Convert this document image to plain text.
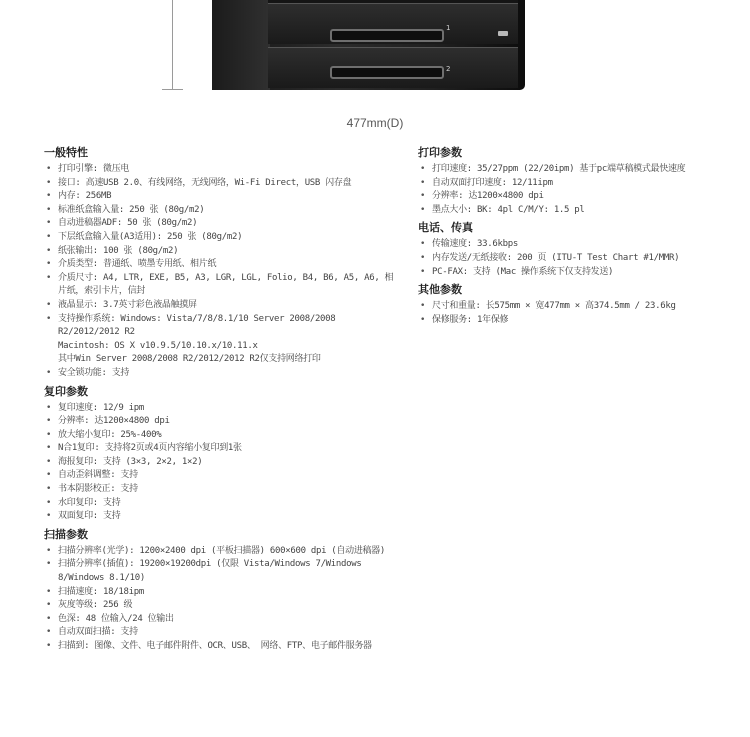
1
2
477mm(D)
一般特性
• 打印引擎: 微压电
• 接口: 高速USB 2.0、有线网络，无线网络，Wi-Fi Direct，USB 闪存盘
• 内存: 256MB
• 标准纸盒输入量: 250 张 (80g/m2)
• 自动进稿器ADF: 50 张 (80g/m2)
• 下层纸盒输入量(A3适用): 250 张 (80g/m2)
• 纸张输出: 100 张 (80g/m2)
• 介质类型: 普通纸、喷墨专用纸、相片纸
• 介质尺寸: A4, LTR, EXE, B5, A3, LGR, LGL, Folio, B4, B6, A5, A6, 相片纸，索引卡片，信封
• 液晶显示: 3.7英寸彩色液晶触摸屏
• 支持操作系统: Windows: Vista/7/8/8.1/10 Server 2008/2008 R2/2012/2012 R2
Macintosh: OS X v10.9.5/10.10.x/10.11.x
其中Win Server 2008/2008 R2/2012/2012 R2仅支持网络打印
• 安全锁功能: 支持
复印参数
• 复印速度: 12/9 ipm
• 分辨率: 达1200×4800 dpi
• 放大缩小复印: 25%-400%
• N合1复印: 支持将2页或4页内容缩小复印到1张
• 海报复印: 支持 (3×3, 2×2, 1×2)
• 自动歪斜调整: 支持
• 书本阴影校正: 支持
• 水印复印: 支持
• 双面复印: 支持
扫描参数
• 扫描分辨率(光学): 1200×2400 dpi (平板扫描器) 600×600 dpi (自动进稿器)
• 扫描分辨率(插值): 19200×19200dpi (仅限 Vista/Windows 7/Windows 8/Windows 8.1/10)
• 扫描速度: 18/18ipm
• 灰度等级: 256 级
• 色深: 48 位输入/24 位输出
• 自动双面扫描: 支持
• 扫描到: 图像、文件、电子邮件附件、OCR、USB、 网络、FTP、电子邮件服务器
打印参数
• 打印速度: 35/27ppm (22/20ipm) 基于pc端草稿模式最快速度
• 自动双面打印速度: 12/11ipm
• 分辨率: 达1200×4800 dpi
• 墨点大小: BK: 4pl C/M/Y: 1.5 pl
电话、传真
• 传输速度: 33.6kbps
• 内存发送/无纸接收: 200 页 (ITU-T Test Chart #1/MMR)
• PC-FAX: 支持 (Mac 操作系统下仅支持发送)
其他参数
• 尺寸和重量: 长575mm × 宽477mm × 高374.5mm / 23.6kg
• 保修服务: 1年保修
